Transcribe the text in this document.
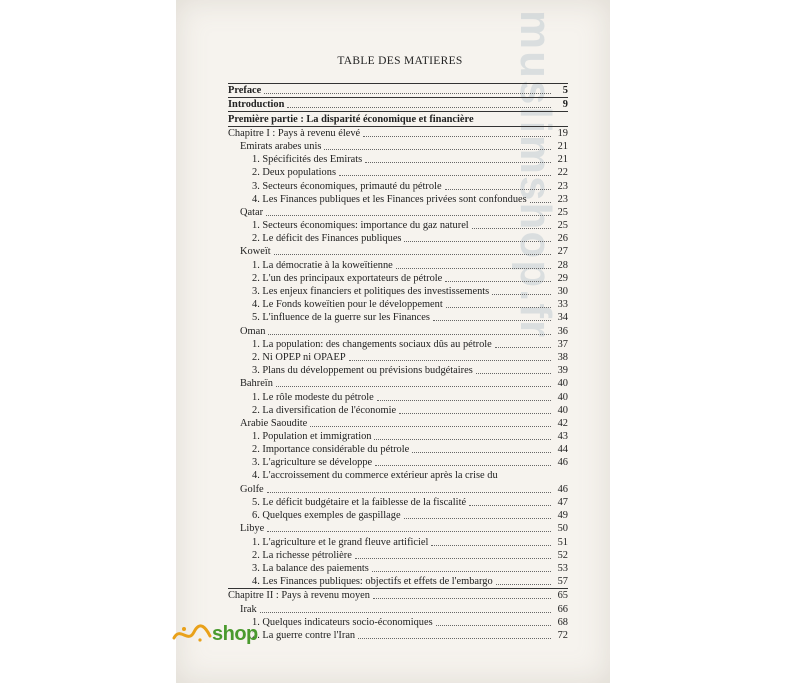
muslimshop.fr
TABLE DES MATIERES
Preface	5
Introduction	9
Première partie : La disparité économique et financière
Chapitre I : Pays à revenu élevé	19
Emirats arabes unis	21
1. Spécificités des Emirats	21
2. Deux populations	22
3. Secteurs économiques, primauté du pétrole	23
4. Les Finances publiques et les Finances privées sont confondues	23
Qatar	25
1. Secteurs économiques: importance du gaz naturel	25
2. Le déficit des Finances publiques	26
Koweït	27
1. La démocratie à la koweïtienne	28
2. L'un des principaux exportateurs de pétrole	29
3. Les enjeux financiers et politiques des investissements	30
4. Le Fonds koweïtien pour le développement	33
5. L'influence de la guerre sur les Finances	34
Oman	36
1. La population: des changements sociaux dûs au pétrole	37
2. Ni OPEP ni OPAEP	38
3. Plans du développement ou prévisions budgétaires	39
Bahreïn	40
1. Le rôle modeste du pétrole	40
2. La diversification de l'économie	40
Arabie Saoudite	42
1. Population et immigration	43
2. Importance considérable du pétrole	44
3. L'agriculture se développe	46
4. L'accroissement du commerce extérieur après la crise du
Golfe	46
5. Le déficit budgétaire et la faiblesse de la fiscalité	47
6. Quelques exemples de gaspillage	49
Libye	50
1. L'agriculture et le grand fleuve artificiel	51
2. La richesse pétrolière	52
3. La balance des paiements	53
4. Les Finances publiques: objectifs et effets de l'embargo	57
Chapitre II : Pays à revenu moyen	65
Irak	66
1. Quelques indicateurs socio-économiques	68
2. La guerre contre l'Iran	72
shop
